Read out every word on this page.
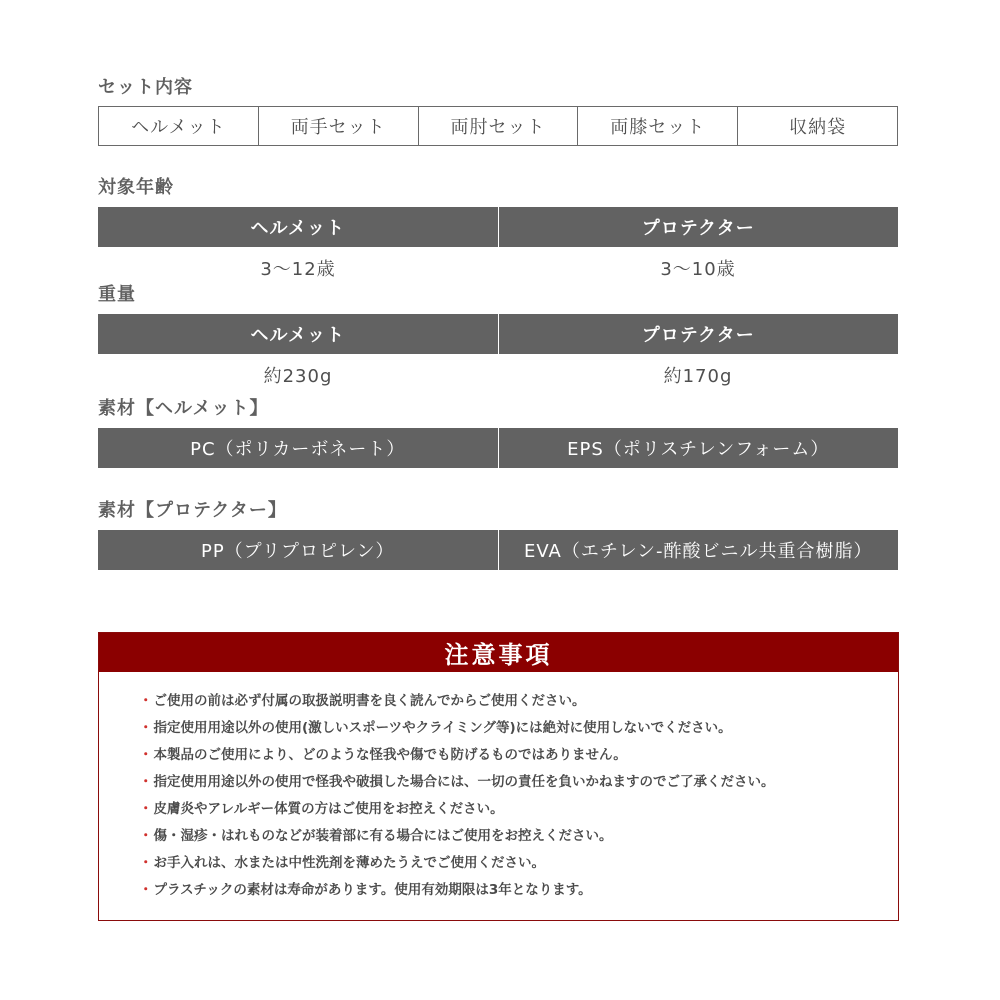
セット内容
ヘルメット	両手セット	両肘セット	両膝セット	収納袋
対象年齢
ヘルメット	プロテクター
3〜12歳	3〜10歳
重量
ヘルメット	プロテクター
約230g	約170g
素材【ヘルメット】
PC（ポリカーボネート）	EPS（ポリスチレンフォーム）
素材【プロテクター】
PP（プリプロピレン）	EVA（エチレン-酢酸ビニル共重合樹脂）
注意事項
・ご使用の前は必ず付属の取扱説明書を良く読んでからご使用ください。
・指定使用用途以外の使用(激しいスポーツやクライミング等)には絶対に使用しないでください。
・本製品のご使用により、どのような怪我や傷でも防げるものではありません。
・指定使用用途以外の使用で怪我や破損した場合には、一切の責任を負いかねますのでご了承ください。
・皮膚炎やアレルギー体質の方はご使用をお控えください。
・傷・湿疹・はれものなどが装着部に有る場合にはご使用をお控えください。
・お手入れは、水または中性洗剤を薄めたうえでご使用ください。
・プラスチックの素材は寿命があります。使用有効期限は3年となります。
